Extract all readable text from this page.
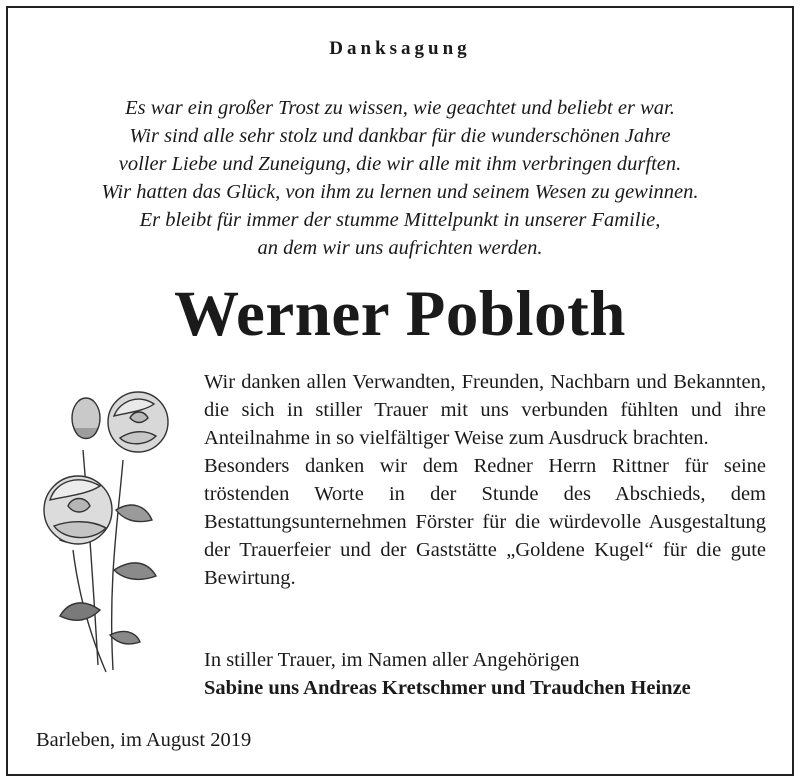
Danksagung
Es war ein großer Trost zu wissen, wie geachtet und beliebt er war.
Wir sind alle sehr stolz und dankbar für die wunderschönen Jahre
voller Liebe und Zuneigung, die wir alle mit ihm verbringen durften.
Wir hatten das Glück, von ihm zu lernen und seinem Wesen zu gewinnen.
Er bleibt für immer der stumme Mittelpunkt in unserer Familie,
an dem wir uns aufrichten werden.
Werner Pobloth

Wir danken allen Verwandten, Freunden, Nachbarn und Bekannten, die sich in stiller Trauer mit uns verbunden fühlten und ihre Anteilnahme in so vielfältiger Weise zum Ausdruck brachten.

Besonders danken wir dem Redner Herrn Rittner für seine tröstenden Worte in der Stunde des Abschieds, dem Bestattungsunternehmen Förster für die würdevolle Ausgestaltung der Trauerfeier und der Gaststätte „Goldene Kugel“ für die gute Bewirtung.

In stiller Trauer, im Namen aller Angehörigen
Sabine uns Andreas Kretschmer und Traudchen Heinze
Barleben, im August 2019
